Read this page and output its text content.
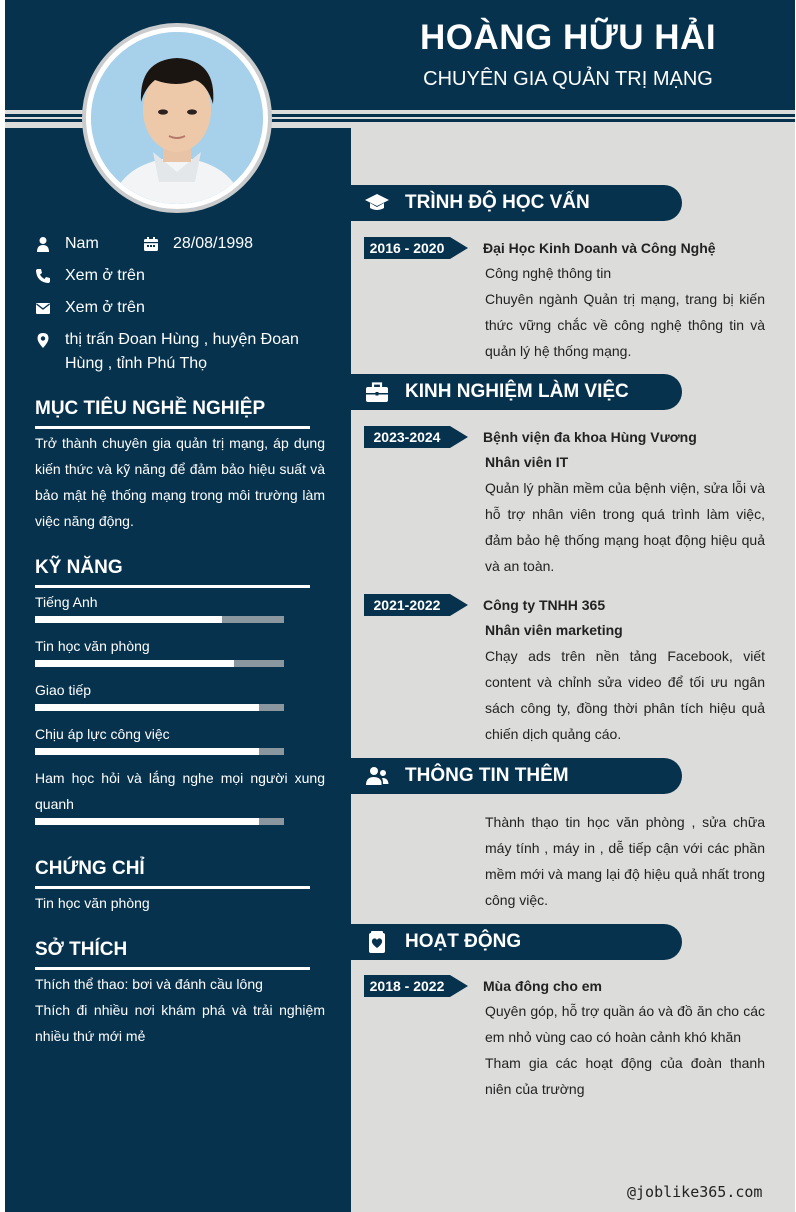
HOÀNG HỮU HẢI
CHUYÊN GIA QUẢN TRỊ MẠNG
Nam	28/08/1998
Xem ở trên
Xem ở trên
thị trấn Đoan Hùng , huyện Đoan
Hùng , tỉnh Phú Thọ
MỤC TIÊU NGHỀ NGHIỆP
Trở thành chuyên gia quản trị mạng, áp dụng kiến thức và kỹ năng để đảm bảo hiệu suất và bảo mật hệ thống mạng trong môi trường làm việc năng động.
KỸ NĂNG
Tiếng Anh
Tin học văn phòng
Giao tiếp
Chịu áp lực công việc
Ham học hỏi và lắng nghe mọi người xung quanh
CHỨNG CHỈ
Tin học văn phòng
SỞ THÍCH
Thích thể thao: bơi và đánh cầu lông
Thích đi nhiều nơi khám phá và trải nghiệm nhiều thứ mới mẻ
TRÌNH ĐỘ HỌC VẤN
2016 - 2020	Đại Học Kinh Doanh và Công Nghệ
Công nghệ thông tin
Chuyên ngành Quản trị mạng, trang bị kiến thức vững chắc về công nghệ thông tin và quản lý hệ thống mạng.
KINH NGHIỆM LÀM VIỆC
2023-2024	Bệnh viện đa khoa Hùng Vương
Nhân viên IT
Quản lý phần mềm của bệnh viện, sửa lỗi và hỗ trợ nhân viên trong quá trình làm việc, đảm bảo hệ thống mạng hoạt động hiệu quả và an toàn.
2021-2022	Công ty TNHH 365
Nhân viên marketing
Chạy ads trên nền tảng Facebook, viết content và chỉnh sửa video để tối ưu ngân sách công ty, đồng thời phân tích hiệu quả chiến dịch quảng cáo.
THÔNG TIN THÊM
Thành thạo tin học văn phòng , sửa chữa máy tính , máy in , dễ tiếp cận với các phần mềm mới và mang lại độ hiệu quả nhất trong công việc.
HOẠT ĐỘNG
2018 - 2022	Mùa đông cho em
Quyên góp, hỗ trợ quần áo và đồ ăn cho các em nhỏ vùng cao có hoàn cảnh khó khăn
Tham gia các hoạt động của đoàn thanh niên của trường
@joblike365.com
